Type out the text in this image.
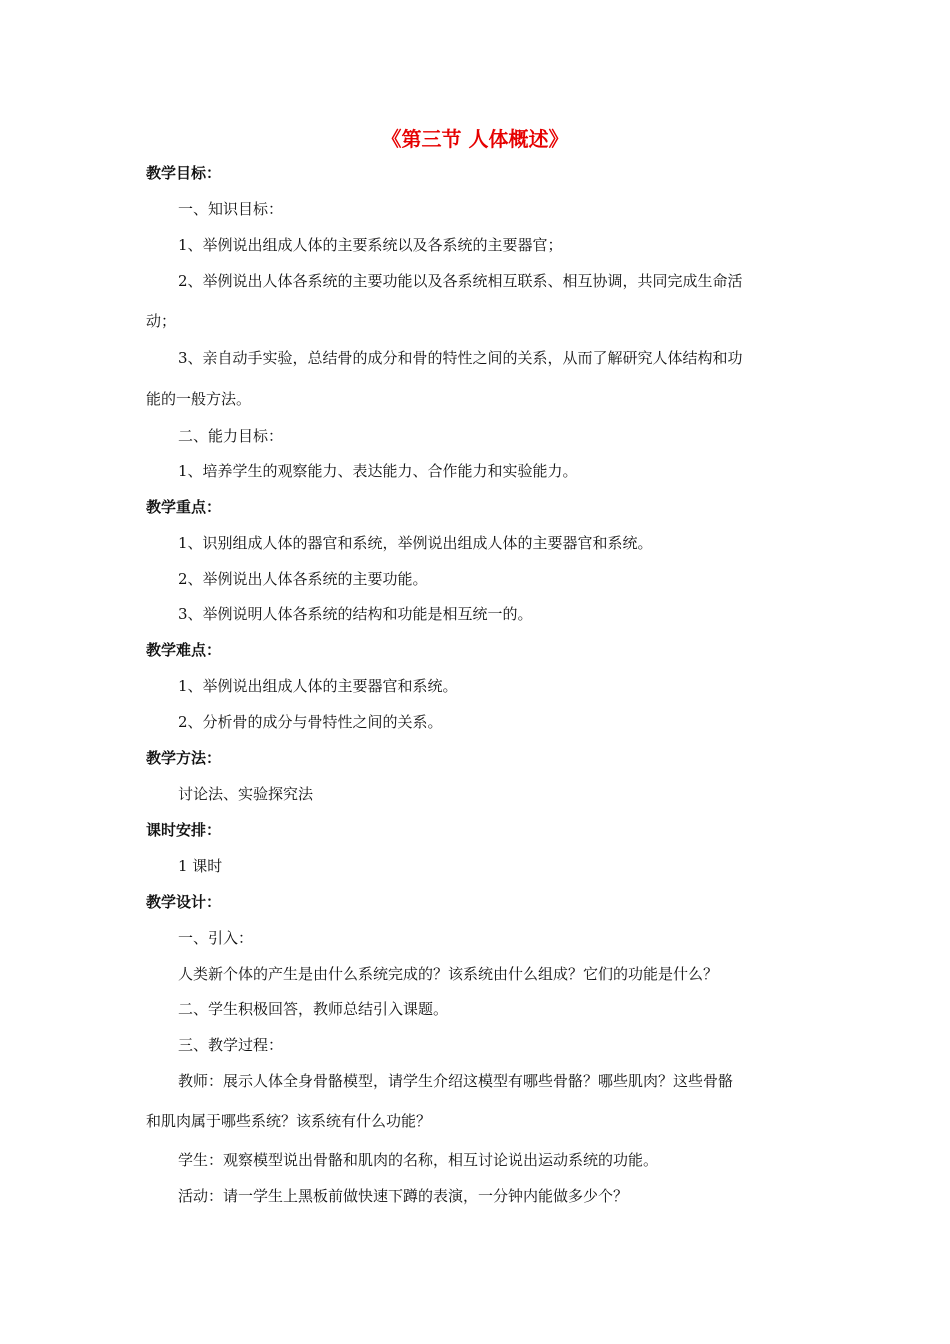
《第三节 人体概述》
教学目标：
一、知识目标：
1、举例说出组成人体的主要系统以及各系统的主要器官；
2、举例说出人体各系统的主要功能以及各系统相互联系、相互协调，共同完成生命活
动；
3、亲自动手实验，总结骨的成分和骨的特性之间的关系，从而了解研究人体结构和功
能的一般方法。
二、能力目标：
1、培养学生的观察能力、表达能力、合作能力和实验能力。
教学重点：
1、识别组成人体的器官和系统，举例说出组成人体的主要器官和系统。
2、举例说出人体各系统的主要功能。
3、举例说明人体各系统的结构和功能是相互统一的。
教学难点：
1、举例说出组成人体的主要器官和系统。
2、分析骨的成分与骨特性之间的关系。
教学方法：
讨论法、实验探究法
课时安排：
1 课时
教学设计：
一、引入：
人类新个体的产生是由什么系统完成的？该系统由什么组成？它们的功能是什么？
二、学生积极回答，教师总结引入课题。
三、教学过程：
教师：展示人体全身骨骼模型，请学生介绍这模型有哪些骨骼？哪些肌肉？这些骨骼
和肌肉属于哪些系统？该系统有什么功能？
学生：观察模型说出骨骼和肌肉的名称，相互讨论说出运动系统的功能。
活动：请一学生上黑板前做快速下蹲的表演，一分钟内能做多少个？
